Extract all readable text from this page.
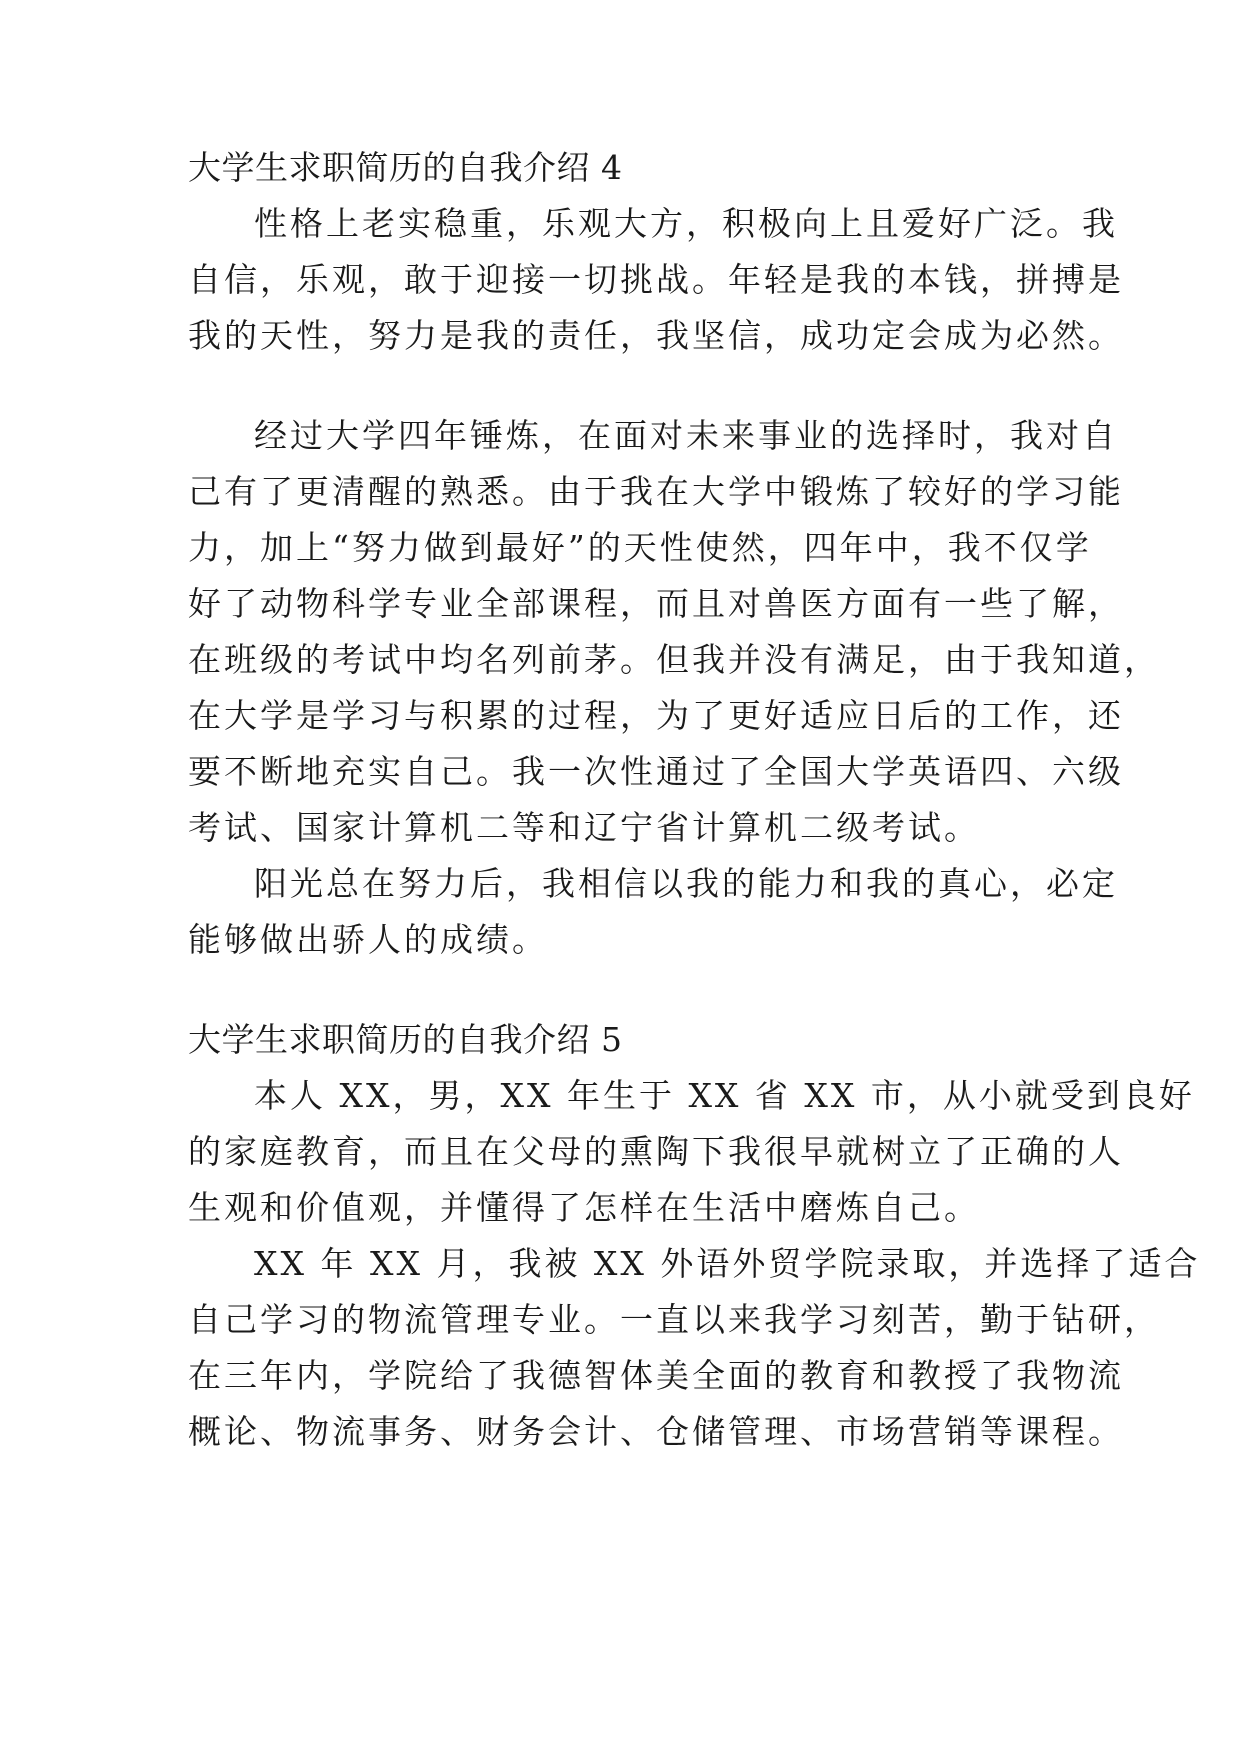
大学生求职简历的自我介绍 4
性格上老实稳重，乐观大方，积极向上且爱好广泛。我
自信，乐观，敢于迎接一切挑战。年轻是我的本钱，拼搏是
我的天性，努力是我的责任，我坚信，成功定会成为必然。
经过大学四年锤炼，在面对未来事业的选择时，我对自
己有了更清醒的熟悉。由于我在大学中锻炼了较好的学习能
力，加上“努力做到最好”的天性使然，四年中，我不仅学
好了动物科学专业全部课程，而且对兽医方面有一些了解，
在班级的考试中均名列前茅。但我并没有满足，由于我知道，
在大学是学习与积累的过程，为了更好适应日后的工作，还
要不断地充实自己。我一次性通过了全国大学英语四、六级
考试、国家计算机二等和辽宁省计算机二级考试。
阳光总在努力后，我相信以我的能力和我的真心，必定
能够做出骄人的成绩。
大学生求职简历的自我介绍 5
本人 XX，男，XX 年生于 XX 省 XX 市，从小就受到良好
的家庭教育，而且在父母的熏陶下我很早就树立了正确的人
生观和价值观，并懂得了怎样在生活中磨炼自己。
XX 年 XX 月，我被 XX 外语外贸学院录取，并选择了适合
自己学习的物流管理专业。一直以来我学习刻苦，勤于钻研，
在三年内，学院给了我德智体美全面的教育和教授了我物流
概论、物流事务、财务会计、仓储管理、市场营销等课程。
